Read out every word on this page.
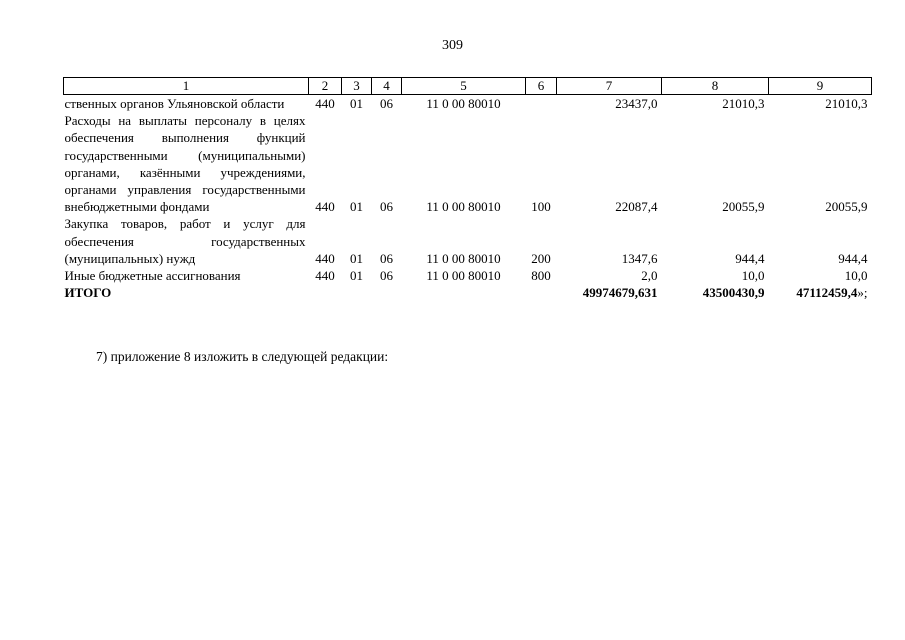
309
1	2	3	4	5	6	7	8	9
ственных органов Ульяновской области	440	01	06	11 0 00 80010		23437,0	21010,3	21010,3
Расходы на выплаты персоналу в целях обеспечения выполнения функций государственными (муниципальными) органами, казёнными учреждениями, органами управления государственными внебюджетными фондами	440	01	06	11 0 00 80010	100	22087,4	20055,9	20055,9
Закупка товаров, работ и услуг для обеспечения государственных (муниципальных) нужд	440	01	06	11 0 00 80010	200	1347,6	944,4	944,4
Иные бюджетные ассигнования	440	01	06	11 0 00 80010	800	2,0	10,0	10,0
ИТОГО						49974679,631	43500430,9	47112459,4»;
7) приложение 8 изложить в следующей редакции:
